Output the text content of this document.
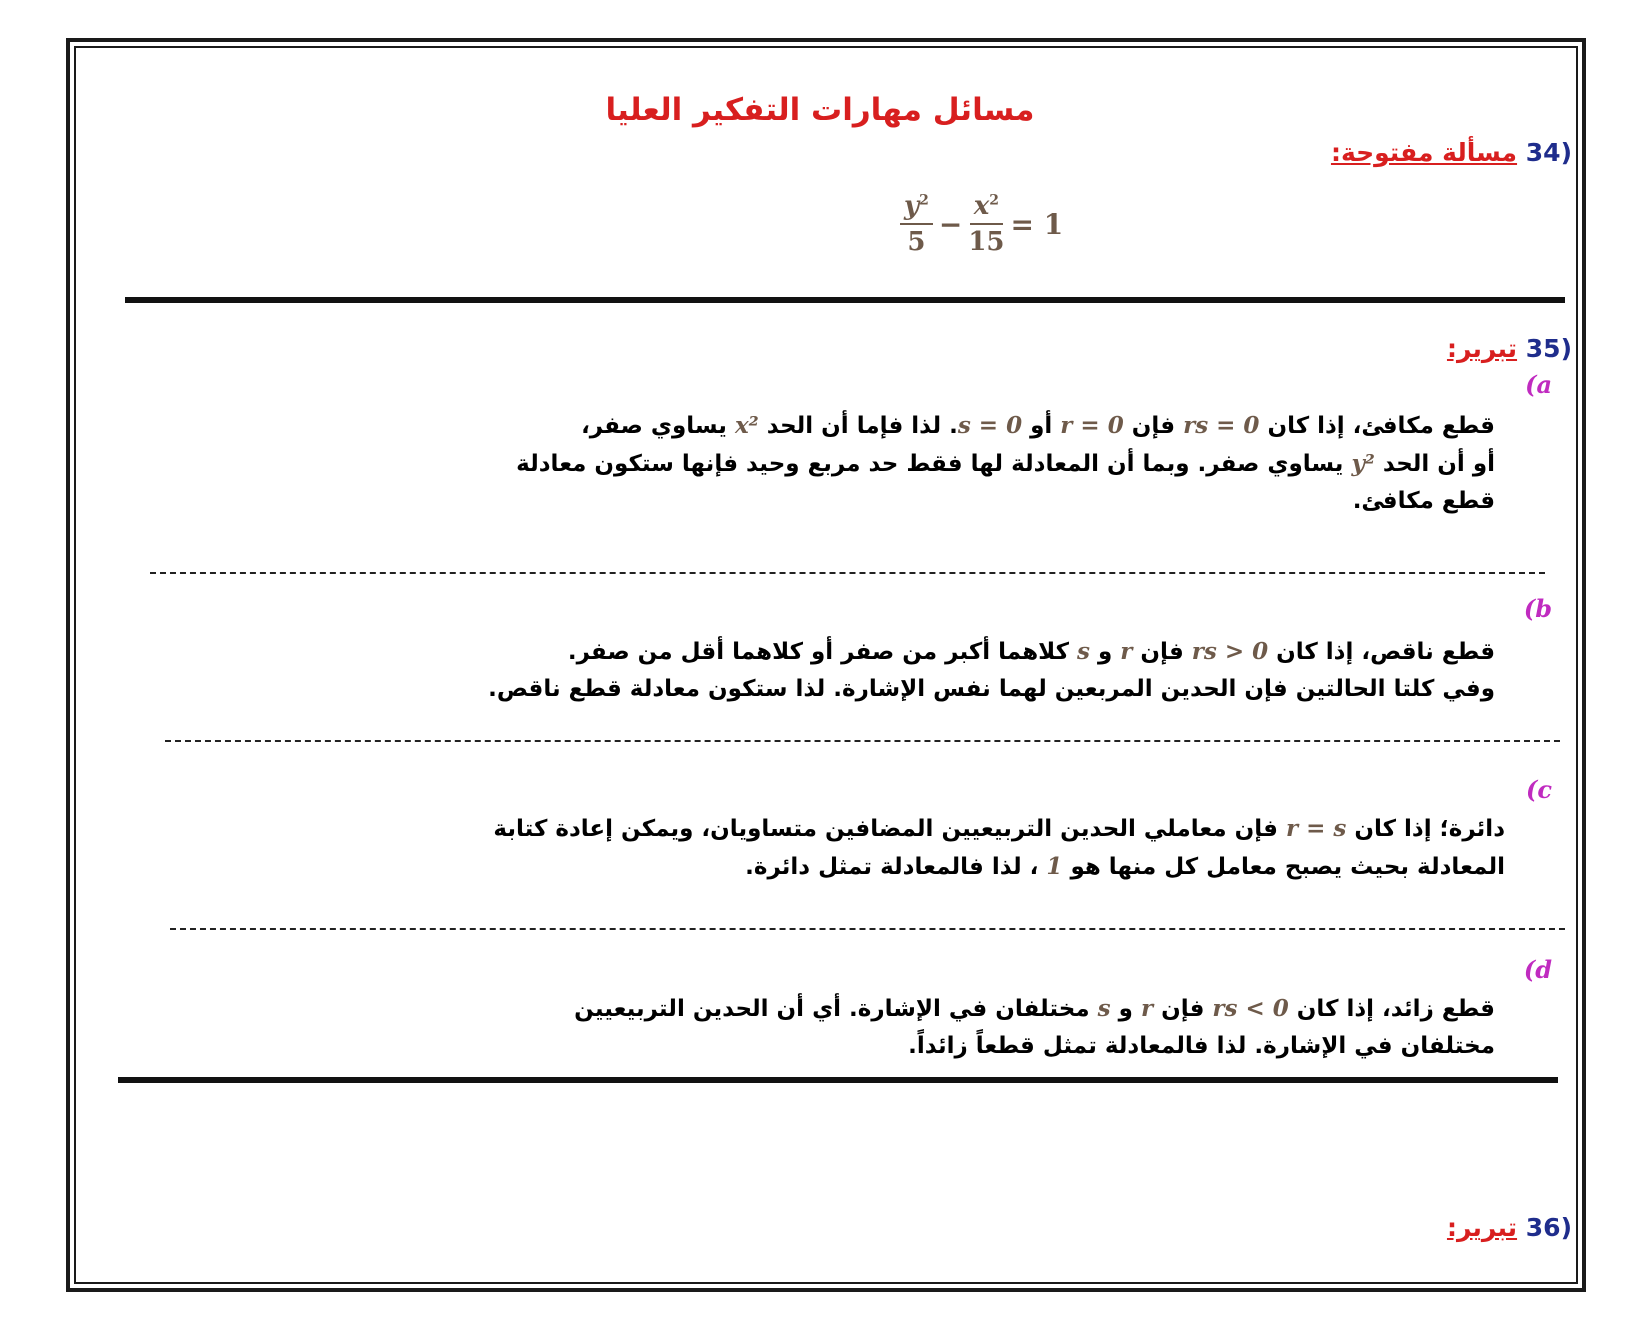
مسائل مهارات التفكير العليا
(34 مسألة مفتوحة:
$\frac{y^2}{5} - \frac{x^2}{15} = 1$
(35 تبرير:
(a
قطع مكافئ، إذا كان rs = 0 فإن r = 0 أو s = 0. لذا فإما أن الحد x² يساوي صفر،
أو أن الحد y² يساوي صفر. وبما أن المعادلة لها فقط حد مربع وحيد فإنها ستكون معادلة
قطع مكافئ.
(b
قطع ناقص، إذا كان rs > 0 فإن r و s كلاهما أكبر من صفر أو كلاهما أقل من صفر.
وفي كلتا الحالتين فإن الحدين المربعين لهما نفس الإشارة. لذا ستكون معادلة قطع ناقص.
(c
دائرة؛ إذا كان r = s فإن معاملي الحدين التربيعيين المضافين متساويان، ويمكن إعادة كتابة
المعادلة بحيث يصبح معامل كل منها هو 1 ، لذا فالمعادلة تمثل دائرة.
(d
قطع زائد، إذا كان rs < 0 فإن r و s مختلفان في الإشارة. أي أن الحدين التربيعيين
مختلفان في الإشارة. لذا فالمعادلة تمثل قطعاً زائداً.
(36 تبرير:
